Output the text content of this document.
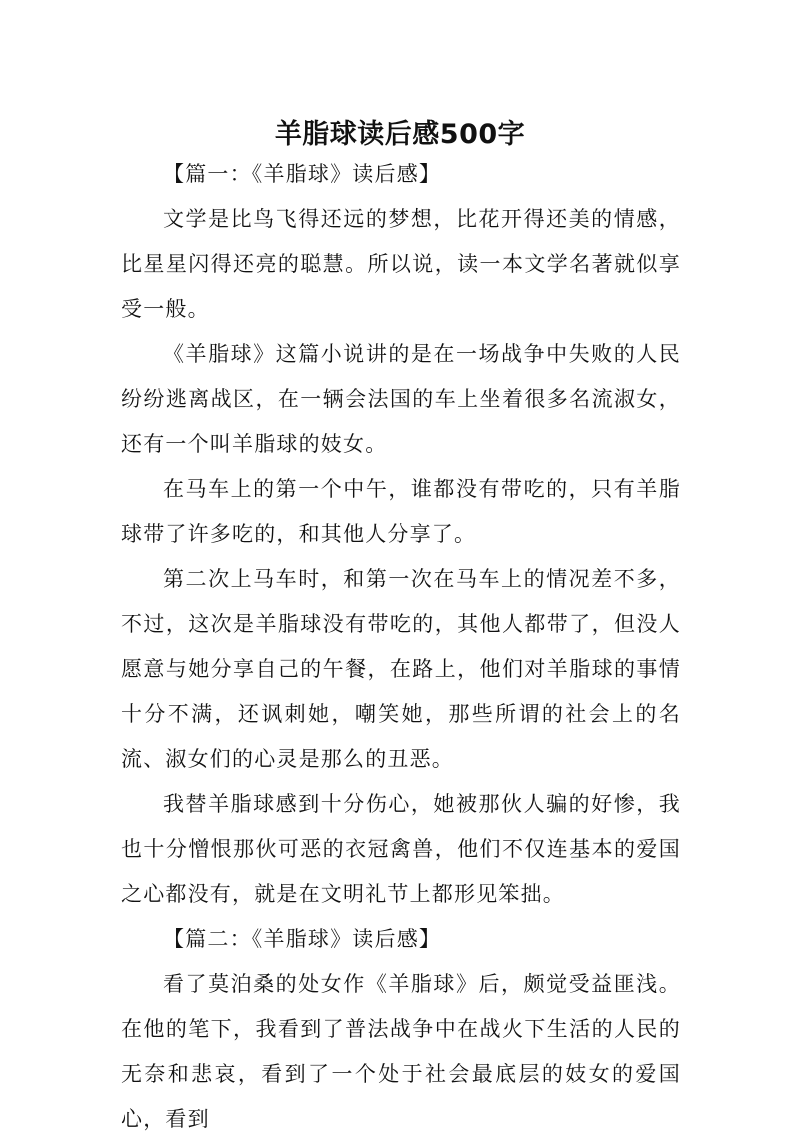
羊脂球读后感500字

【篇一：《羊脂球》读后感】

文学是比鸟飞得还远的梦想，比花开得还美的情感，比星星闪得还亮的聪慧。所以说，读一本文学名著就似享受一般。

《羊脂球》这篇小说讲的是在一场战争中失败的人民纷纷逃离战区，在一辆会法国的车上坐着很多名流淑女，还有一个叫羊脂球的妓女。

在马车上的第一个中午，谁都没有带吃的，只有羊脂球带了许多吃的，和其他人分享了。

第二次上马车时，和第一次在马车上的情况差不多，不过，这次是羊脂球没有带吃的，其他人都带了，但没人愿意与她分享自己的午餐，在路上，他们对羊脂球的事情十分不满，还讽刺她，嘲笑她，那些所谓的社会上的名流、淑女们的心灵是那么的丑恶。

我替羊脂球感到十分伤心，她被那伙人骗的好惨，我也十分憎恨那伙可恶的衣冠禽兽，他们不仅连基本的爱国之心都没有，就是在文明礼节上都形见笨拙。

【篇二：《羊脂球》读后感】

看了莫泊桑的处女作《羊脂球》后，颇觉受益匪浅。在他的笔下，我看到了普法战争中在战火下生活的人民的无奈和悲哀，看到了一个处于社会最底层的妓女的爱国心，看到
